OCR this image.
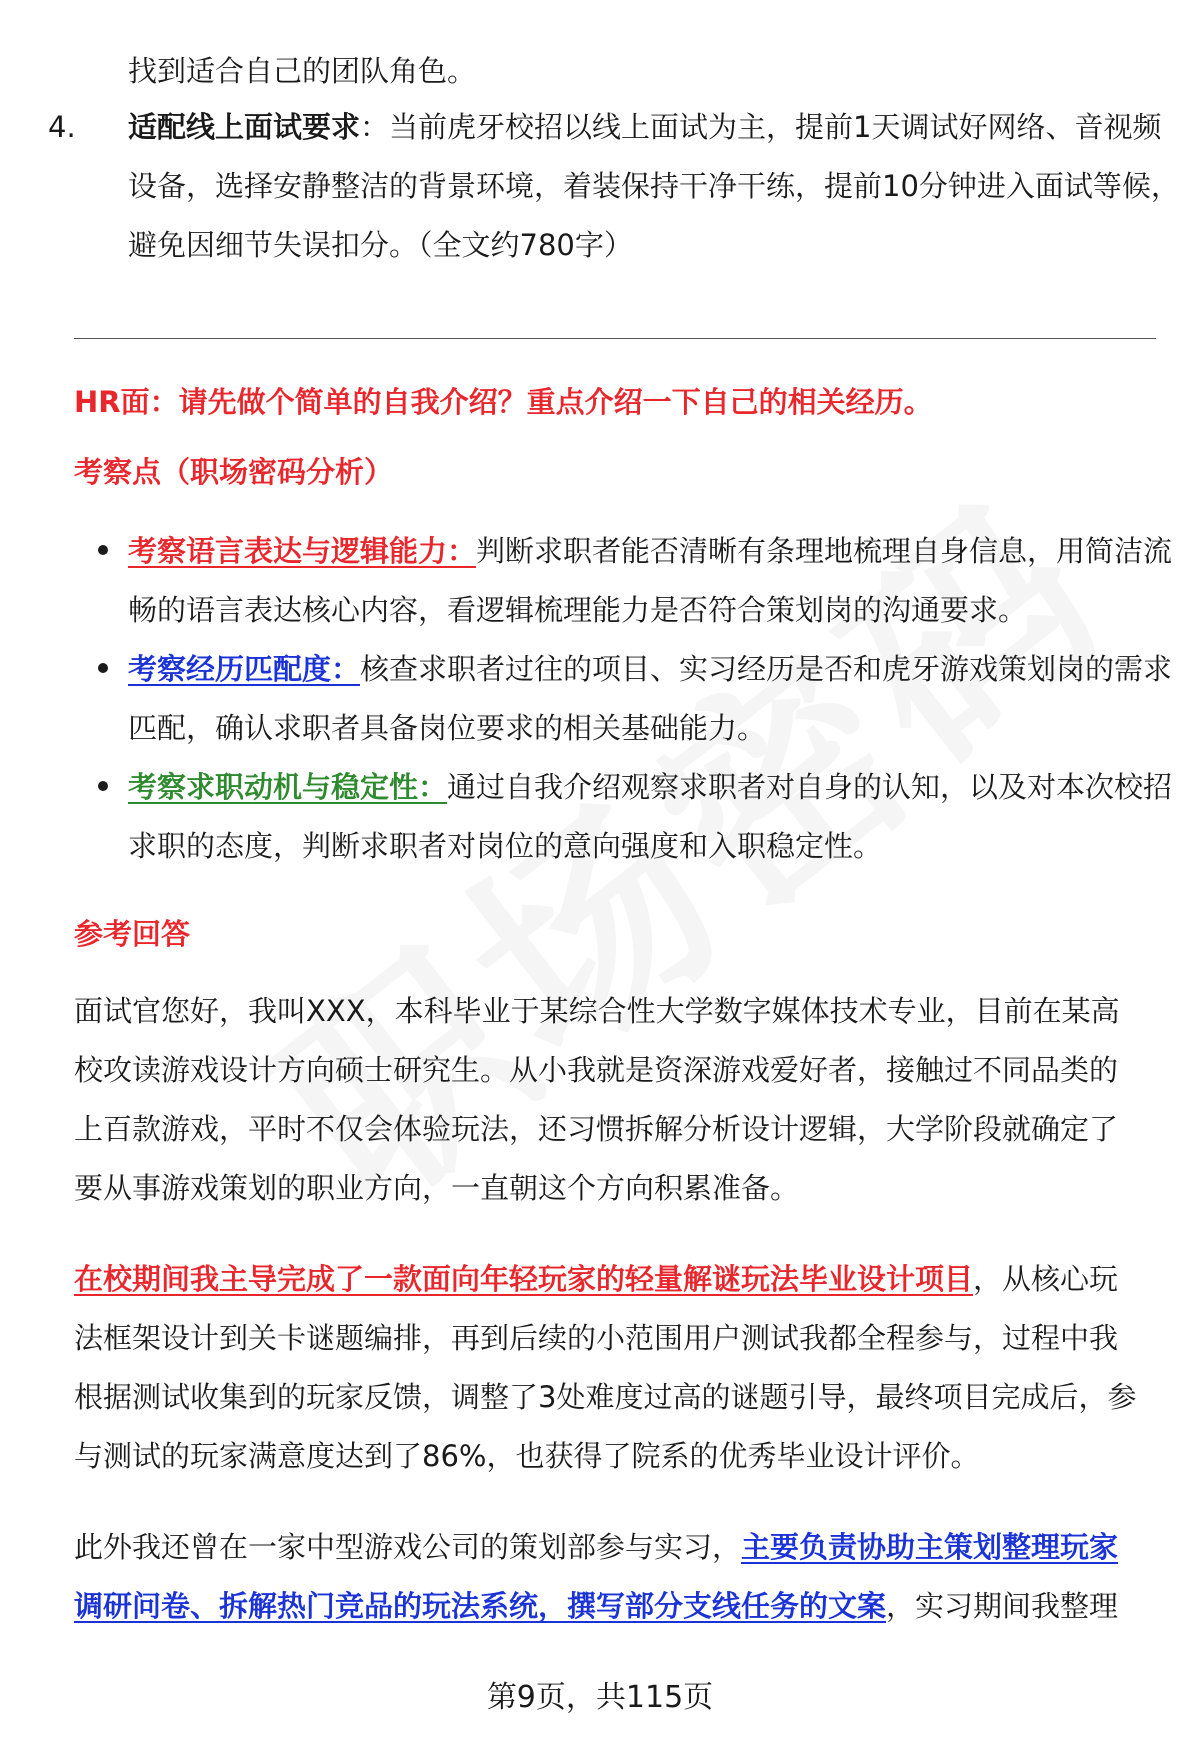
找到适合自己的团队角色。

4. 适配线上面试要求：当前虎牙校招以线上面试为主，提前1天调试好网络、音视频设备，选择安静整洁的背景环境，着装保持干净干练，提前10分钟进入面试等候，避免因细节失误扣分。（全文约780字）

HR面：请先做个简单的自我介绍？重点介绍一下自己的相关经历。

考察点（职场密码分析）

考察语言表达与逻辑能力：判断求职者能否清晰有条理地梳理自身信息，用简洁流畅的语言表达核心内容，看逻辑梳理能力是否符合策划岗的沟通要求。

考察经历匹配度：核查求职者过往的项目、实习经历是否和虎牙游戏策划岗的需求匹配，确认求职者具备岗位要求的相关基础能力。

考察求职动机与稳定性：通过自我介绍观察求职者对自身的认知，以及对本次校招求职的态度，判断求职者对岗位的意向强度和入职稳定性。

参考回答

面试官您好，我叫XXX，本科毕业于某综合性大学数字媒体技术专业，目前在某高校攻读游戏设计方向硕士研究生。从小我就是资深游戏爱好者，接触过不同品类的上百款游戏，平时不仅会体验玩法，还习惯拆解分析设计逻辑，大学阶段就确定了要从事游戏策划的职业方向，一直朝这个方向积累准备。

在校期间我主导完成了一款面向年轻玩家的轻量解谜玩法毕业设计项目，从核心玩法框架设计到关卡谜题编排，再到后续的小范围用户测试我都全程参与，过程中我根据测试收集到的玩家反馈，调整了3处难度过高的谜题引导，最终项目完成后，参与测试的玩家满意度达到了86%，也获得了院系的优秀毕业设计评价。

此外我还曾在一家中型游戏公司的策划部参与实习，主要负责协助主策划整理玩家调研问卷、拆解热门竞品的玩法系统，撰写部分支线任务的文案，实习期间我整理

第9页，共115页
